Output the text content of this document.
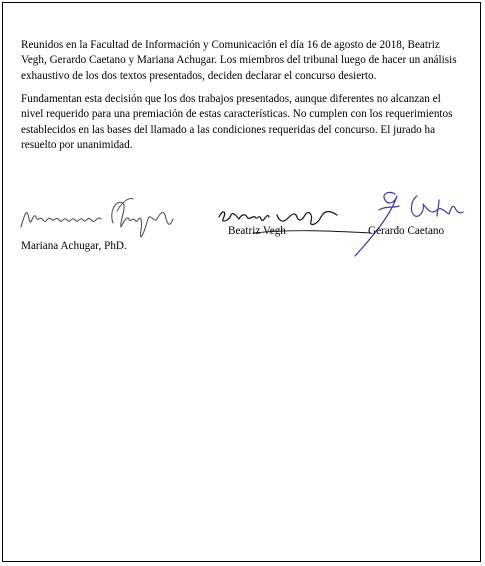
Reunidos en la Facultad de Información y Comunicación el día 16 de agosto de 2018, Beatriz Vegh, Gerardo Caetano y Mariana Achugar. Los miembros del tribunal luego de hacer un análisis exhaustivo de los dos textos presentados, deciden declarar el concurso desierto.

Fundamentan esta decisión que los dos trabajos presentados, aunque diferentes no alcanzan el nivel requerido para una premiación de estas características. No cumplen con los requerimientos establecidos en las bases del llamado a las condiciones requeridas del concurso. El jurado ha resuelto por unanimidad.

Mariana Achugar, PhD.
Beatriz Vegh	Gerardo Caetano
